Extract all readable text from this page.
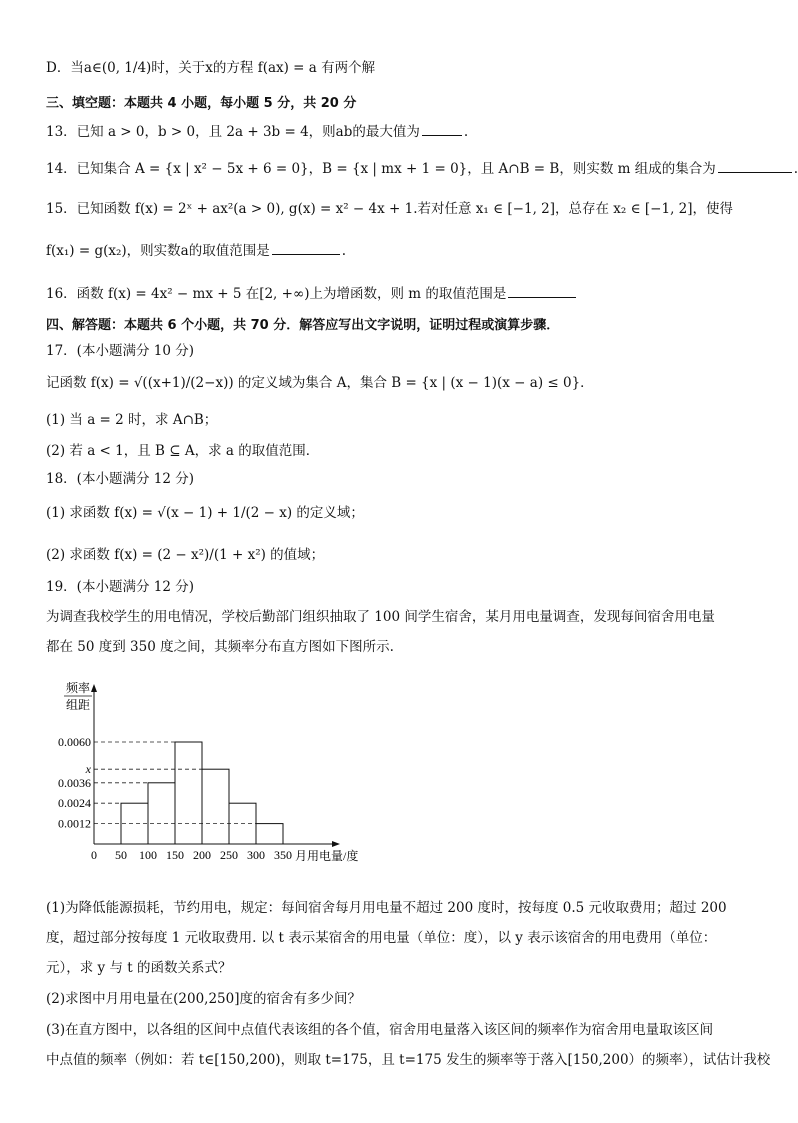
D．当a∈(0, 1/4)时，关于x的方程 f(ax) = a 有两个解
三、填空题：本题共 4 小题，每小题 5 分，共 20 分
13．已知 a > 0，b > 0，且 2a + 3b = 4，则ab的最大值为	.
14．已知集合 A = {x | x² − 5x + 6 = 0}，B = {x | mx + 1 = 0}，且 A∩B = B，则实数 m 组成的集合为	.
15．已知函数 f(x) = 2ˣ + ax²(a > 0), g(x) = x² − 4x + 1.若对任意 x₁ ∈ [−1, 2]，总存在 x₂ ∈ [−1, 2]，使得
f(x₁) = g(x₂)，则实数a的取值范围是	.
16．函数 f(x) = 4x² − mx + 5 在[2, +∞)上为增函数，则 m 的取值范围是
四、解答题：本题共 6 个小题，共 70 分．解答应写出文字说明，证明过程或演算步骤．
17．(本小题满分 10 分)
记函数 f(x) = √((x+1)/(2−x)) 的定义域为集合 A，集合 B = {x | (x − 1)(x − a) ≤ 0}．
(1) 当 a = 2 时，求 A∩B；
(2) 若 a < 1，且 B ⊆ A，求 a 的取值范围．
18．(本小题满分 12 分)
(1) 求函数 f(x) = √(x − 1) + 1/(2 − x) 的定义域；
(2) 求函数 f(x) = (2 − x²)/(1 + x²) 的值域；
19．(本小题满分 12 分)
为调查我校学生的用电情况，学校后勤部门组织抽取了 100 间学生宿舍，某月用电量调查，发现每间宿舍用电量
都在 50 度到 350 度之间，其频率分布直方图如下图所示.
频率
组距
0.0060
x
0.0036
0.0024
0.0012
0 50 100 150 200 250 300 350 月用电量/度
(1)为降低能源损耗，节约用电，规定：每间宿舍每月用电量不超过 200 度时，按每度 0.5 元收取费用；超过 200
度，超过部分按每度 1 元收取费用. 以 t 表示某宿舍的用电量（单位：度），以 y 表示该宿舍的用电费用（单位：
元），求 y 与 t 的函数关系式？
(2)求图中月用电量在(200,250]度的宿舍有多少间？
(3)在直方图中，以各组的区间中点值代表该组的各个值，宿舍用电量落入该区间的频率作为宿舍用电量取该区间
中点值的频率（例如：若 t∈[150,200)，则取 t=175，且 t=175 发生的频率等于落入[150,200）的频率），试估计我校
